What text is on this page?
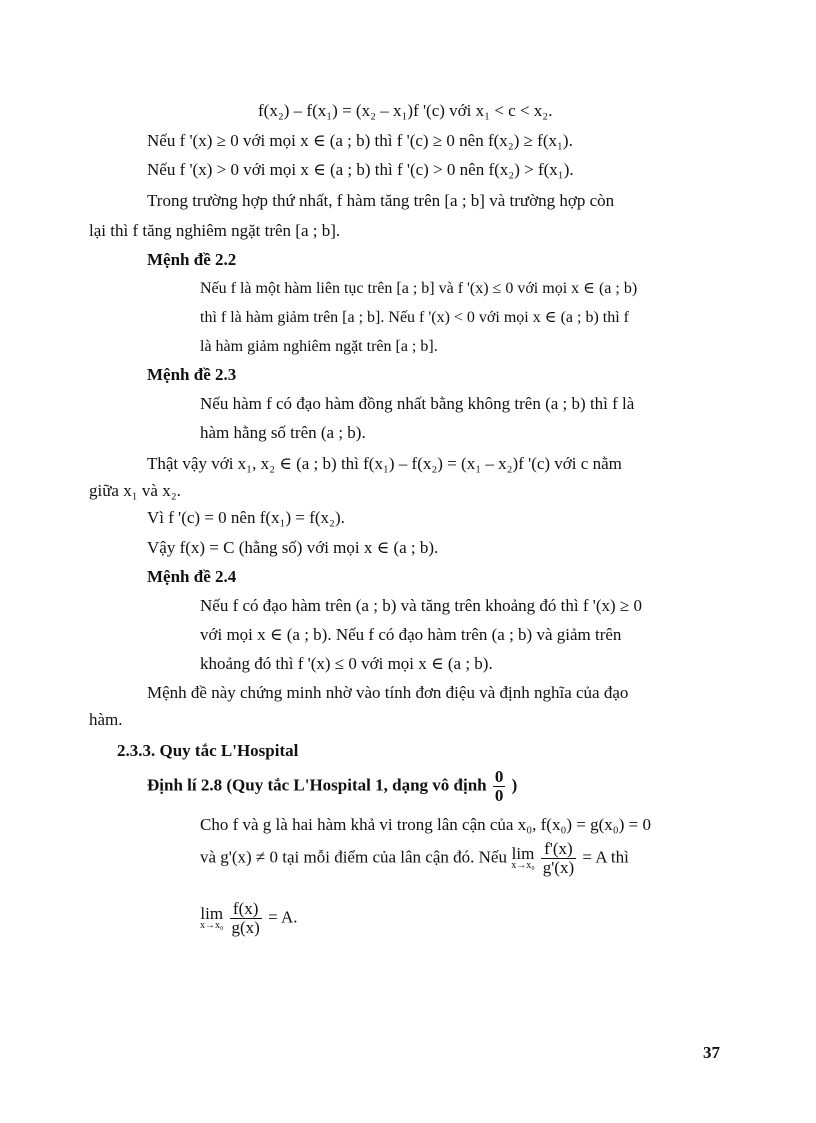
f(x₂) – f(x₁) = (x₂ – x₁)f '(c) với x₁ < c < x₂.
Nếu f '(x) ≥ 0 với mọi x ∈ (a ; b) thì f '(c) ≥ 0 nên f(x₂) ≥ f(x₁).
Nếu f '(x) > 0 với mọi x ∈ (a ; b) thì f '(c) > 0 nên f(x₂) > f(x₁).
Trong trường hợp thứ nhất, f hàm tăng trên [a ; b] và trường hợp còn
lại thì f tăng nghiêm ngặt trên [a ; b].
Mệnh đề 2.2
Nếu f là một hàm liên tục trên [a ; b] và f '(x) ≤ 0 với mọi x ∈ (a ; b)
thì f là hàm giảm trên [a ; b]. Nếu f '(x) < 0 với mọi x ∈ (a ; b) thì f
là hàm giảm nghiêm ngặt trên [a ; b].
Mệnh đề 2.3
Nếu hàm f có đạo hàm đồng nhất bằng không trên (a ; b) thì f là
hàm hằng số trên (a ; b).
Thật vậy với x₁, x₂ ∈ (a ; b) thì f(x₁) – f(x₂) = (x₁ – x₂)f '(c) với c nằm
giữa x₁ và x₂.
Vì f '(c) = 0 nên f(x₁) = f(x₂).
Vậy f(x) = C (hằng số) với mọi x ∈ (a ; b).
Mệnh đề 2.4
Nếu f có đạo hàm trên (a ; b) và tăng trên khoảng đó thì f '(x) ≥ 0
với mọi x ∈ (a ; b). Nếu f có đạo hàm trên (a ; b) và giảm trên
khoảng đó thì f '(x) ≤ 0 với mọi x ∈ (a ; b).
Mệnh đề này chứng minh nhờ vào tính đơn điệu và định nghĩa của đạo
hàm.
2.3.3. Quy tắc L'Hospital
Định lí 2.8 (Quy tắc L'Hospital 1, dạng vô định $\frac{0}{0}$ )
Cho f và g là hai hàm khả vi trong lân cận của x₀, f(x₀) = g(x₀) = 0
và g'(x) ≠ 0 tại mỗi điểm của lân cận đó. Nếu lim
$x\to x_0 \frac{f'(x)}{g'(x)} = A$ thì
lim
$x\to x_0 \frac{f(x)}{g(x)} = A$.
37
